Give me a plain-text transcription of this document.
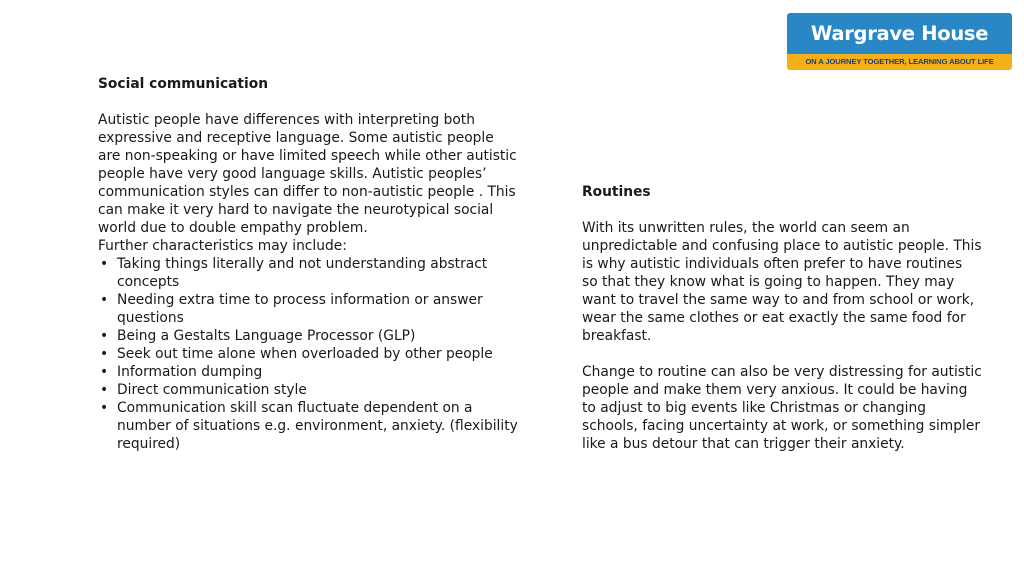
Wargrave House
ON A JOURNEY TOGETHER, LEARNING ABOUT LIFE

Social communication

Autistic people have differences with interpreting both expressive and receptive language. Some autistic people are non-speaking or have limited speech while other autistic people have very good language skills. Autistic peoples’ communication styles can differ to non-autistic people . This can make it very hard to navigate the neurotypical social world due to double empathy problem.

Further characteristics may include:

• Taking things literally and not understanding abstract concepts
• Needing extra time to process information or answer questions
• Being a Gestalts Language Processor (GLP)
• Seek out time alone when overloaded by other people
• Information dumping
• Direct communication style
• Communication skill scan fluctuate dependent on a number of situations e.g. environment, anxiety. (flexibility required)

Routines

With its unwritten rules, the world can seem an unpredictable and confusing place to autistic people. This is why autistic individuals often prefer to have routines so that they know what is going to happen. They may want to travel the same way to and from school or work, wear the same clothes or eat exactly the same food for breakfast.

Change to routine can also be very distressing for autistic people and make them very anxious. It could be having to adjust to big events like Christmas or changing schools, facing uncertainty at work, or something simpler like a bus detour that can trigger their anxiety.
